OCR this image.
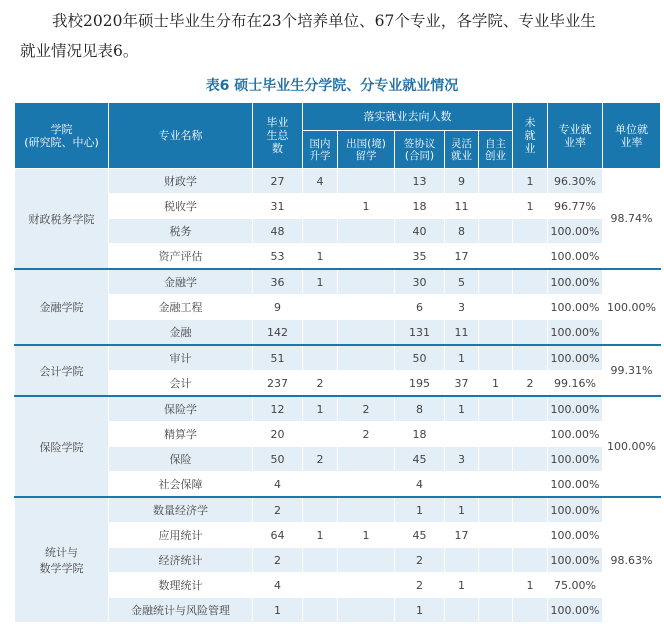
我校2020年硕士毕业生分布在23个培养单位、67个专业，各学院、专业毕业生

就业情况见表6。

表6 硕士毕业生分学院、分专业就业情况
学院
(研究院、中心)	专业名称	毕业生总数	落实就业去向人数					未就业	专业就业率	单位就业率

			国内升学	出国(境)留学	签协议(合同)	灵活就业	自主创业			

财政税务学院	财政学	27	4		13	9		1	96.30%	98.74%
	税收学	31		1	18	11		1	96.77%	
	税务	48			40	8			100.00%	
	资产评估	53	1		35	17			100.00%	
金融学院	金融学	36	1		30	5			100.00%	100.00%
	金融工程	9			6	3			100.00%	
	金融	142			131	11			100.00%	
会计学院	审计	51			50	1			100.00%	99.31%
	会计	237	2		195	37	1	2	99.16%	
保险学院	保险学	12	1	2	8	1			100.00%	100.00%
	精算学	20		2	18				100.00%	
	保险	50	2		45	3			100.00%	
	社会保障	4			4				100.00%	

统计与
数学学院	数量经济学	2			1	1			100.00%	98.63%
	应用统计	64	1	1	45	17			100.00%	
	经济统计	2			2				100.00%	
	数理统计	4			2	1		1	75.00%	
	金融统计与风险管理	1			1				100.00%	
